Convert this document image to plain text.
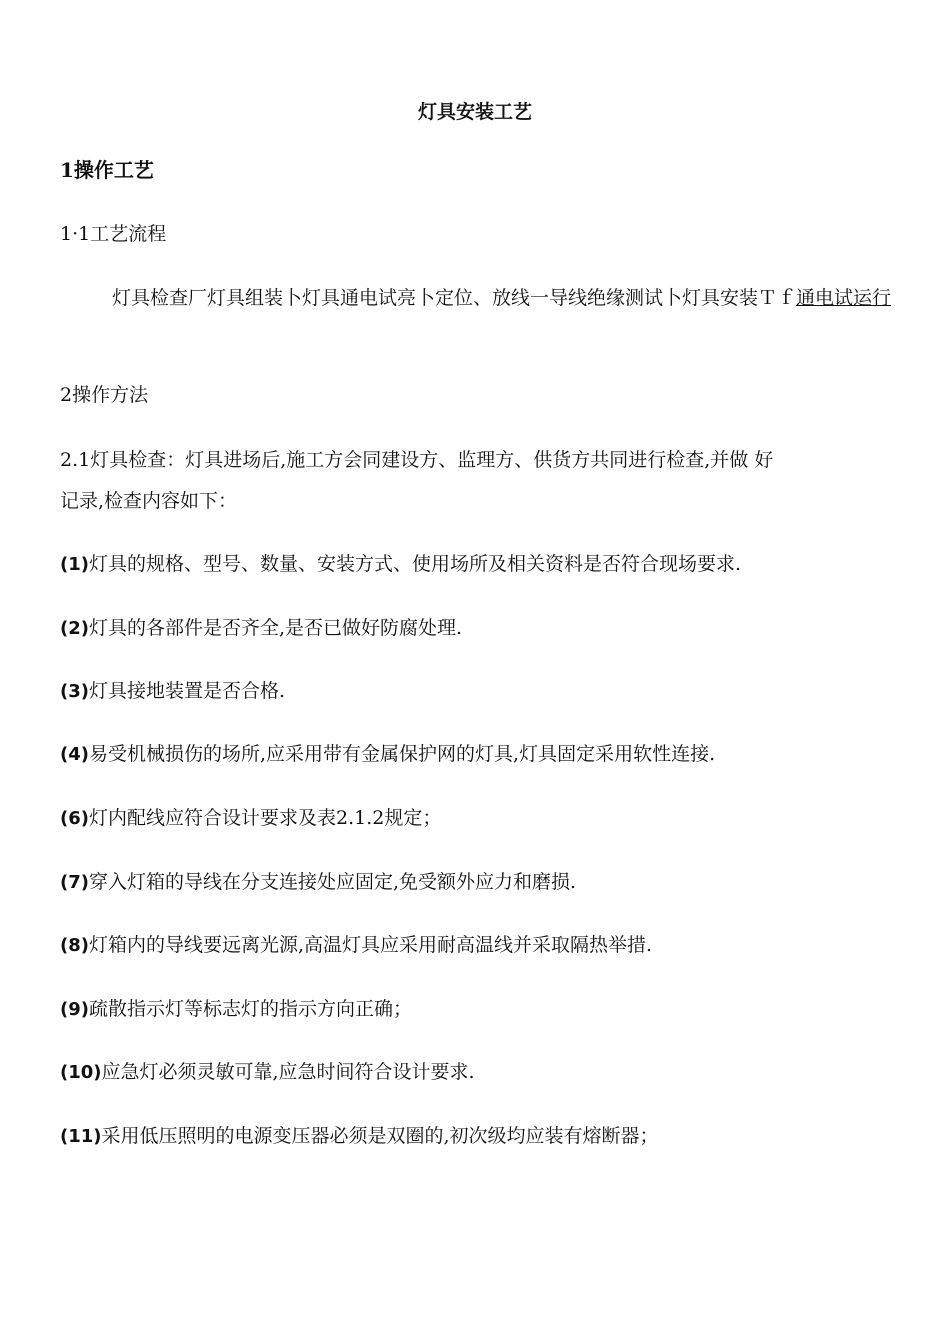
灯具安装工艺
1操作工艺
1·1工艺流程
灯具检查厂灯具组装卜灯具通电试亮卜定位、放线一导线绝缘测试卜灯具安装Ｔｆ通电试运行
2操作方法
2.1灯具检查：灯具进场后,施工方会同建设方、监理方、供货方共同进行检查,并做 好
记录,检查内容如下：
(1)灯具的规格、型号、数量、安装方式、使用场所及相关资料是否符合现场要求.
(2)灯具的各部件是否齐全,是否已做好防腐处理.
(3)灯具接地装置是否合格.
(4)易受机械损伤的场所,应采用带有金属保护网的灯具,灯具固定采用软性连接.
(6)灯内配线应符合设计要求及表2.1.2规定；
(7)穿入灯箱的导线在分支连接处应固定,免受额外应力和磨损.
(8)灯箱内的导线要远离光源,高温灯具应采用耐高温线并采取隔热举措.
(9)疏散指示灯等标志灯的指示方向正确；
(10)应急灯必须灵敏可靠,应急时间符合设计要求.
(11)采用低压照明的电源变压器必须是双圈的,初次级均应装有熔断器；
